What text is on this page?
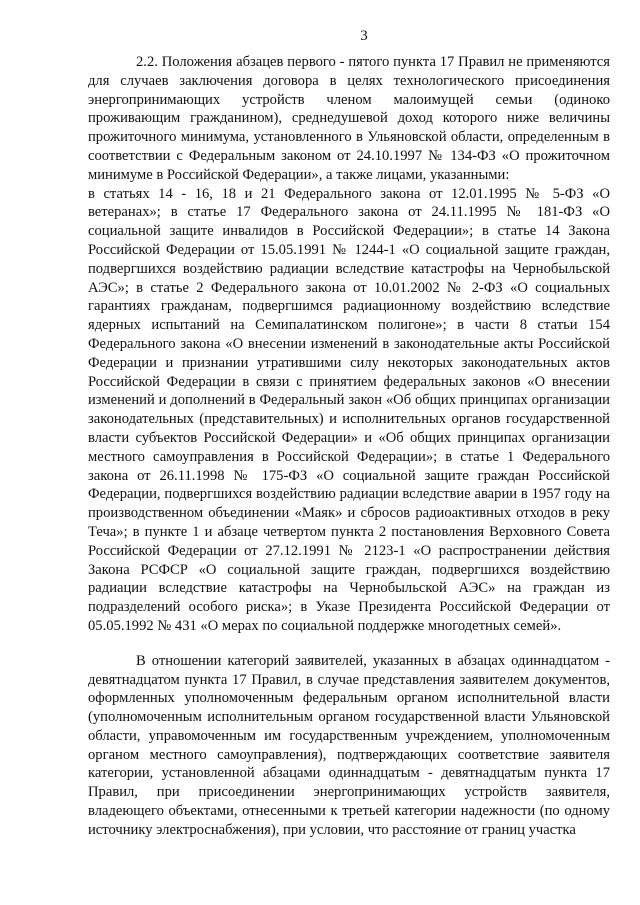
3

2.2. Положения абзацев первого - пятого пункта 17 Правил не применяются для случаев заключения договора в целях технологического присоединения энергопринимающих устройств членом малоимущей семьи (одиноко проживающим гражданином), среднедушевой доход которого ниже величины прожиточного минимума, установленного в Ульяновской области, определенным в соответствии с Федеральным законом от 24.10.1997 № 134-ФЗ «О прожиточном минимуме в Российской Федерации», а также лицами, указанными:

в статьях 14 - 16, 18 и 21 Федерального закона от 12.01.1995 № 5-ФЗ «О ветеранах»; в статье 17 Федерального закона от 24.11.1995 № 181-ФЗ «О социальной защите инвалидов в Российской Федерации»; в статье 14 Закона Российской Федерации от 15.05.1991 № 1244-1 «О социальной защите граждан, подвергшихся воздействию радиации вследствие катастрофы на Чернобыльской АЭС»; в статье 2 Федерального закона от 10.01.2002 № 2-ФЗ «О социальных гарантиях гражданам, подвергшимся радиационному воздействию вследствие ядерных испытаний на Семипалатинском полигоне»; в части 8 статьи 154 Федерального закона «О внесении изменений в законодательные акты Российской Федерации и признании утратившими силу некоторых законодательных актов Российской Федерации в связи с принятием федеральных законов «О внесении изменений и дополнений в Федеральный закон «Об общих принципах организации законодательных (представительных) и исполнительных органов государственной власти субъектов Российской Федерации» и «Об общих принципах организации местного самоуправления в Российской Федерации»; в статье 1 Федерального закона от 26.11.1998 № 175-ФЗ «О социальной защите граждан Российской Федерации, подвергшихся воздействию радиации вследствие аварии в 1957 году на производственном объединении «Маяк» и сбросов радиоактивных отходов в реку Теча»; в пункте 1 и абзаце четвертом пункта 2 постановления Верховного Совета Российской Федерации от 27.12.1991 № 2123-1 «О распространении действия Закона РСФСР «О социальной защите граждан, подвергшихся воздействию радиации вследствие катастрофы на Чернобыльской АЭС» на граждан из подразделений особого риска»; в Указе Президента Российской Федерации от 05.05.1992 № 431 «О мерах по социальной поддержке многодетных семей».

В отношении категорий заявителей, указанных в абзацах одиннадцатом - девятнадцатом пункта 17 Правил, в случае представления заявителем документов, оформленных уполномоченным федеральным органом исполнительной власти (уполномоченным исполнительным органом государственной власти Ульяновской области, управомоченным им государственным учреждением, уполномоченным органом местного самоуправления), подтверждающих соответствие заявителя категории, установленной абзацами одиннадцатым - девятнадцатым пункта 17 Правил, при присоединении энергопринимающих устройств заявителя, владеющего объектами, отнесенными к третьей категории надежности (по одному источнику электроснабжения), при условии, что расстояние от границ участка
